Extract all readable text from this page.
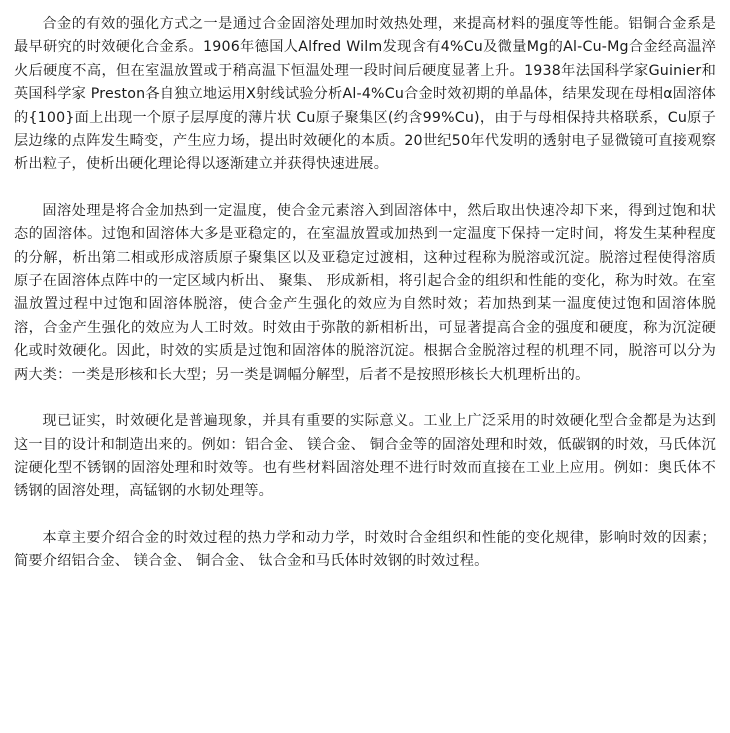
合金的有效的强化方式之一是通过合金固溶处理加时效热处理，来提高材料的强度等性能。铝铜合金系是最早研究的时效硬化合金系。1906年德国人Alfred Wilm发现含有4%Cu及微量Mg的Al-Cu-Mg合金经高温淬火后硬度不高，但在室温放置或于稍高温下恒温处理一段时间后硬度显著上升。1938年法国科学家Guinier和英国科学家 Preston各自独立地运用X射线试验分析Al-4%Cu合金时效初期的单晶体，结果发现在母相α固溶体的{100}面上出现一个原子层厚度的薄片状 Cu原子聚集区(约含99%Cu)，由于与母相保持共格联系，Cu原子层边缘的点阵发生畸变，产生应力场，提出时效硬化的本质。20世纪50年代发明的透射电子显微镜可直接观察析出粒子，使析出硬化理论得以逐渐建立并获得快速进展。

固溶处理是将合金加热到一定温度，使合金元素溶入到固溶体中，然后取出快速冷却下来，得到过饱和状态的固溶体。过饱和固溶体大多是亚稳定的，在室温放置或加热到一定温度下保持一定时间，将发生某种程度的分解，析出第二相或形成溶质原子聚集区以及亚稳定过渡相，这种过程称为脱溶或沉淀。脱溶过程使得溶质原子在固溶体点阵中的一定区域内析出、 聚集、 形成新相，将引起合金的组织和性能的变化，称为时效。在室温放置过程中过饱和固溶体脱溶，使合金产生强化的效应为自然时效；若加热到某一温度使过饱和固溶体脱溶，合金产生强化的效应为人工时效。时效由于弥散的新相析出，可显著提高合金的强度和硬度，称为沉淀硬化或时效硬化。因此，时效的实质是过饱和固溶体的脱溶沉淀。根据合金脱溶过程的机理不同，脱溶可以分为两大类：一类是形核和长大型；另一类是调幅分解型，后者不是按照形核长大机理析出的。

现已证实，时效硬化是普遍现象，并具有重要的实际意义。工业上广泛采用的时效硬化型合金都是为达到这一目的设计和制造出来的。例如：铝合金、 镁合金、 铜合金等的固溶处理和时效，低碳钢的时效，马氏体沉淀硬化型不锈钢的固溶处理和时效等。也有些材料固溶处理不进行时效而直接在工业上应用。例如：奥氏体不锈钢的固溶处理，高锰钢的水韧处理等。

本章主要介绍合金的时效过程的热力学和动力学，时效时合金组织和性能的变化规律，影响时效的因素；简要介绍铝合金、 镁合金、 铜合金、 钛合金和马氏体时效钢的时效过程。
